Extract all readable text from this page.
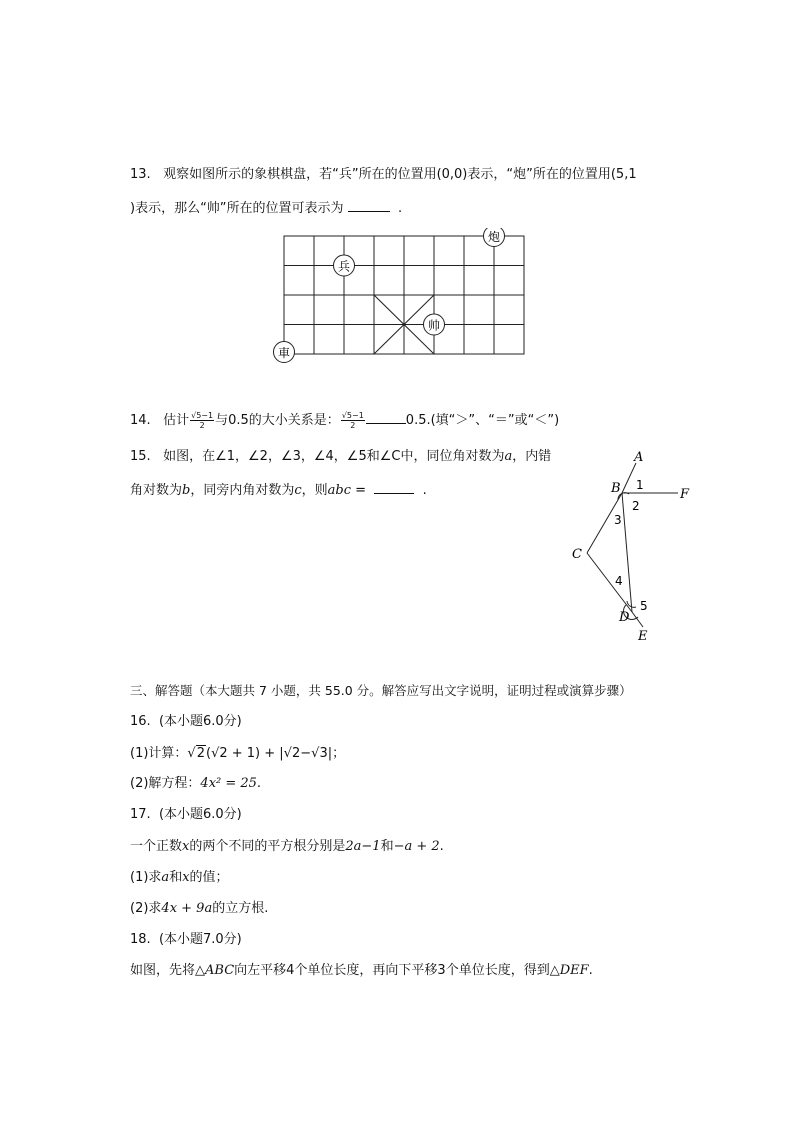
13. 观察如图所示的象棋棋盘，若“兵”所在的位置用(0,0)表示，“炮”所在的位置用(5,1
)表示，那么“帅”所在的位置可表示为	.
炮
兵
帅
車
14. 估计 $\frac{√5-1}{2}$ 与0.5的大小关系是： $\frac{√5-1}{2}$	0.5.(填“＞”、“＝”或“＜”)
15. 如图，在∠1，∠2，∠3，∠4，∠5和∠C中，同位角对数为a，内错
角对数为b，同旁内角对数为c，则abc =	.
A
B
C
D
E
F
1
2
3
4
5
三、解答题（本大题共 7 小题，共 55.0 分。解答应写出文字说明，证明过程或演算步骤）
16.  (本小题6.0分)
(1)计算：√2(√2 + 1) + |√2−√3|；
(2)解方程：4x² = 25.
17.  (本小题6.0分)
一个正数x的两个不同的平方根分别是2a−1和−a + 2.
(1)求a和x的值；
(2)求4x + 9a的立方根.
18.  (本小题7.0分)
如图，先将△ABC向左平移4个单位长度，再向下平移3个单位长度，得到△DEF.
